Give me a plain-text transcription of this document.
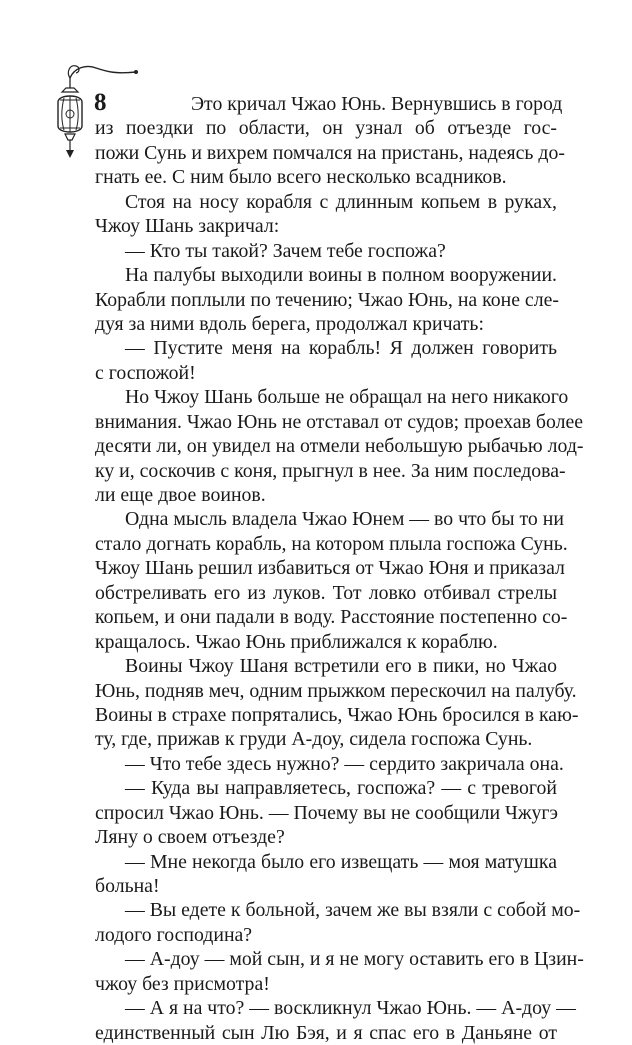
8	Это кричал Чжао Юнь. Вернувшись в город
из поездки по области, он узнал об отъезде гос-
пожи Сунь и вихрем помчался на пристань, надеясь до-
гнать ее. С ним было всего несколько всадников.
Стоя на носу корабля с длинным копьем в руках,
Чжоу Шань закричал:
— Кто ты такой? Зачем тебе госпожа?
На палубы выходили воины в полном вооружении.
Корабли поплыли по течению; Чжао Юнь, на коне сле-
дуя за ними вдоль берега, продолжал кричать:
— Пустите меня на корабль! Я должен говорить
с госпожой!
Но Чжоу Шань больше не обращал на него никакого
внимания. Чжао Юнь не отставал от судов; проехав более
десяти ли, он увидел на отмели небольшую рыбачью лод-
ку и, соскочив с коня, прыгнул в нее. За ним последова-
ли еще двое воинов.
Одна мысль владела Чжао Юнем — во что бы то ни
стало догнать корабль, на котором плыла госпожа Сунь.
Чжоу Шань решил избавиться от Чжао Юня и приказал
обстреливать его из луков. Тот ловко отбивал стрелы
копьем, и они падали в воду. Расстояние постепенно со-
кращалось. Чжао Юнь приближался к кораблю.
Воины Чжоу Шаня встретили его в пики, но Чжао
Юнь, подняв меч, одним прыжком перескочил на палубу.
Воины в страхе попрятались, Чжао Юнь бросился в каю-
ту, где, прижав к груди А-доу, сидела госпожа Сунь.
— Что тебе здесь нужно? — сердито закричала она.
— Куда вы направляетесь, госпожа? — с тревогой
спросил Чжао Юнь. — Почему вы не сообщили Чжугэ
Ляну о своем отъезде?
— Мне некогда было его извещать — моя матушка
больна!
— Вы едете к больной, зачем же вы взяли с собой мо-
лодого господина?
— А-доу — мой сын, и я не могу оставить его в Цзин-
чжоу без присмотра!
— А я на что? — воскликнул Чжао Юнь. — А-доу —
единственный сын Лю Бэя, и я спас его в Даньяне от
